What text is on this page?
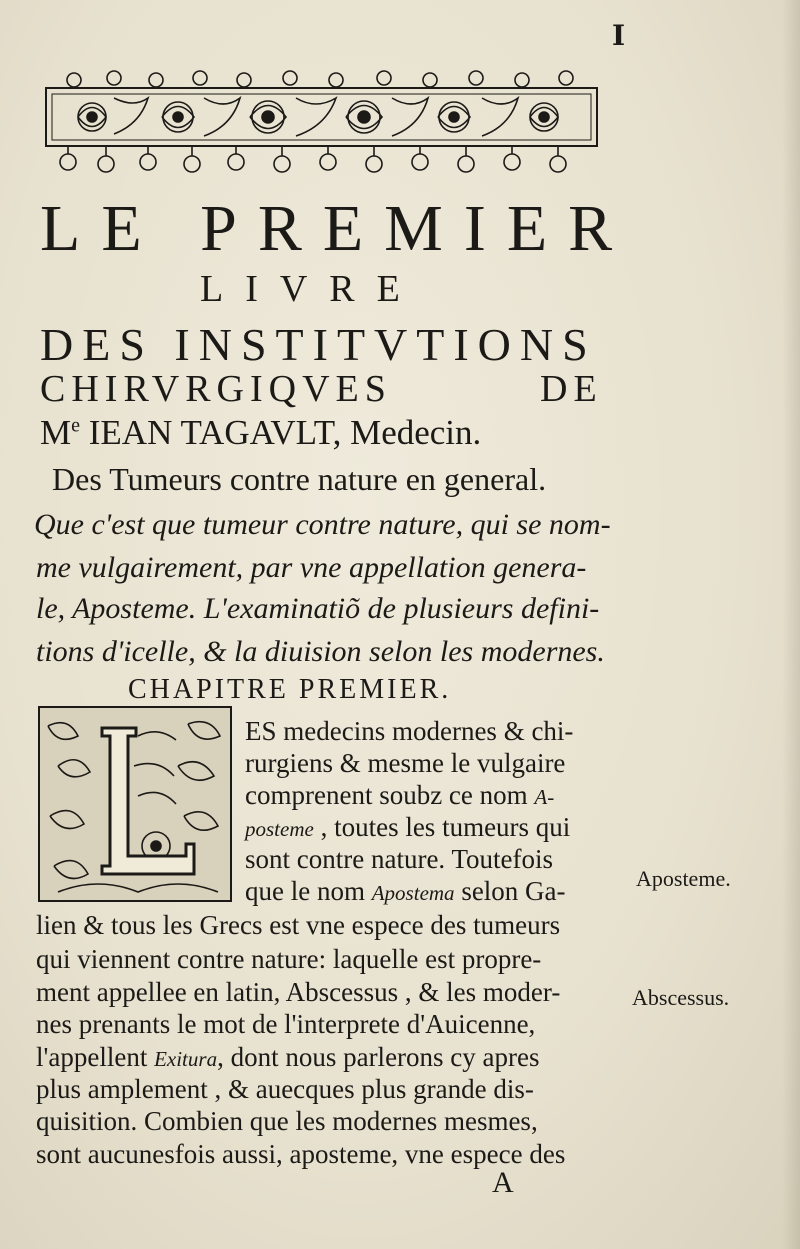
I
LE PREMIER
LIVRE
DES INSTITVTIONS
CHIRVRGIQVES	DE
Me IEAN TAGAVLT, Medecin.
Des Tumeurs contre nature en general.
Que c'est que tumeur contre nature, qui se nom-
me vulgairement, par vne appellation genera-
le, Aposteme. L'examinatiõ de plusieurs defini-
tions d'icelle, & la diuision selon les modernes.
CHAPITRE PREMIER.
ES medecins modernes & chi-
rurgiens & mesme le vulgaire
comprenent soubz ce nom A-
posteme , toutes les tumeurs qui
sont contre nature. Toutefois
que le nom Apostema selon Ga-
lien & tous les Grecs est vne espece des tumeurs
qui viennent contre nature: laquelle est propre-
ment appellee en latin, Abscessus , & les moder-
nes prenants le mot de l'interprete d'Auicenne,
l'appellent Exitura, dont nous parlerons cy apres
plus amplement , & auecques plus grande dis-
quisition. Combien que les modernes mesmes,
sont aucunesfois aussi, aposteme, vne espece des
Aposteme.
Abscessus.
A
